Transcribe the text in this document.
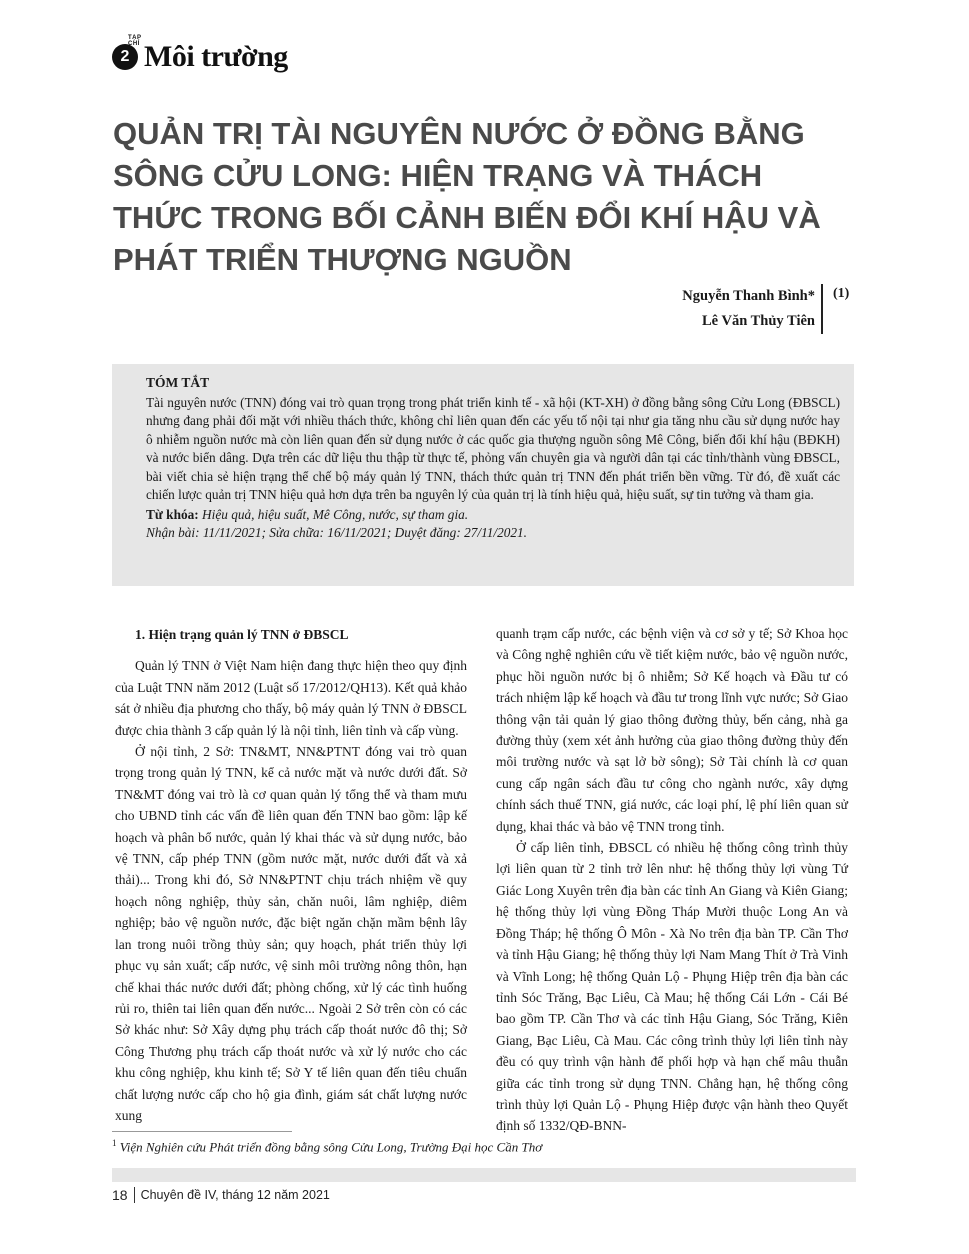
TẠP CHÍ
2 Môi trường
QUẢN TRỊ TÀI NGUYÊN NƯỚC Ở ĐỒNG BẰNG SÔNG CỬU LONG: HIỆN TRẠNG VÀ THÁCH THỨC TRONG BỐI CẢNH BIẾN ĐỔI KHÍ HẬU VÀ PHÁT TRIỂN THƯỢNG NGUỒN
Nguyễn Thanh Bình*
Lê Văn Thủy Tiên
(1)
TÓM TẮT

Tài nguyên nước (TNN) đóng vai trò quan trọng trong phát triển kinh tế - xã hội (KT-XH) ở đồng bằng sông Cửu Long (ĐBSCL) nhưng đang phải đối mặt với nhiều thách thức, không chỉ liên quan đến các yếu tố nội tại như gia tăng nhu cầu sử dụng nước hay ô nhiễm nguồn nước mà còn liên quan đến sử dụng nước ở các quốc gia thượng nguồn sông Mê Công, biến đổi khí hậu (BĐKH) và nước biển dâng. Dựa trên các dữ liệu thu thập từ thực tế, phỏng vấn chuyên gia và người dân tại các tỉnh/thành vùng ĐBSCL, bài viết chia sẻ hiện trạng thể chế bộ máy quản lý TNN, thách thức quản trị TNN đến phát triển bền vững. Từ đó, đề xuất các chiến lược quản trị TNN hiệu quả hơn dựa trên ba nguyên lý của quản trị là tính hiệu quả, hiệu suất, sự tin tưởng và tham gia.

Từ khóa: Hiệu quả, hiệu suất, Mê Công, nước, sự tham gia.

Nhận bài: 11/11/2021; Sửa chữa: 16/11/2021; Duyệt đăng: 27/11/2021.

1. Hiện trạng quản lý TNN ở ĐBSCL

Quản lý TNN ở Việt Nam hiện đang thực hiện theo quy định của Luật TNN năm 2012 (Luật số 17/2012/QH13). Kết quả khảo sát ở nhiều địa phương cho thấy, bộ máy quản lý TNN ở ĐBSCL được chia thành 3 cấp quản lý là nội tỉnh, liên tỉnh và cấp vùng.

Ở nội tỉnh, 2 Sở: TN&MT, NN&PTNT đóng vai trò quan trọng trong quản lý TNN, kể cả nước mặt và nước dưới đất. Sở TN&MT đóng vai trò là cơ quan quản lý tổng thể và tham mưu cho UBND tỉnh các vấn đề liên quan đến TNN bao gồm: lập kế hoạch và phân bổ nước, quản lý khai thác và sử dụng nước, bảo vệ TNN, cấp phép TNN (gồm nước mặt, nước dưới đất và xả thải)... Trong khi đó, Sở NN&PTNT chịu trách nhiệm về quy hoạch nông nghiệp, thủy sản, chăn nuôi, lâm nghiệp, diêm nghiệp; bảo vệ nguồn nước, đặc biệt ngăn chặn mầm bệnh lây lan trong nuôi trồng thủy sản; quy hoạch, phát triển thủy lợi phục vụ sản xuất; cấp nước, vệ sinh môi trường nông thôn, hạn chế khai thác nước dưới đất; phòng chống, xử lý các tình huống rủi ro, thiên tai liên quan đến nước... Ngoài 2 Sở trên còn có các Sở khác như: Sở Xây dựng phụ trách cấp thoát nước đô thị; Sở Công Thương phụ trách cấp thoát nước và xử lý nước cho các khu công nghiệp, khu kinh tế; Sở Y tế liên quan đến tiêu chuẩn chất lượng nước cấp cho hộ gia đình, giám sát chất lượng nước xung

quanh trạm cấp nước, các bệnh viện và cơ sở y tế; Sở Khoa học và Công nghệ nghiên cứu về tiết kiệm nước, bảo vệ nguồn nước, phục hồi nguồn nước bị ô nhiễm; Sở Kế hoạch và Đầu tư có trách nhiệm lập kế hoạch và đầu tư trong lĩnh vực nước; Sở Giao thông vận tải quản lý giao thông đường thủy, bến cảng, nhà ga đường thủy (xem xét ảnh hưởng của giao thông đường thủy đến môi trường nước và sạt lở bờ sông); Sở Tài chính là cơ quan cung cấp ngân sách đầu tư công cho ngành nước, xây dựng chính sách thuế TNN, giá nước, các loại phí, lệ phí liên quan sử dụng, khai thác và bảo vệ TNN trong tỉnh.

Ở cấp liên tỉnh, ĐBSCL có nhiều hệ thống công trình thủy lợi liên quan từ 2 tỉnh trở lên như: hệ thống thủy lợi vùng Tứ Giác Long Xuyên trên địa bàn các tỉnh An Giang và Kiên Giang; hệ thống thủy lợi vùng Đồng Tháp Mười thuộc Long An và Đồng Tháp; hệ thống Ô Môn - Xà No trên địa bàn TP. Cần Thơ và tỉnh Hậu Giang; hệ thống thủy lợi Nam Mang Thít ở Trà Vinh và Vĩnh Long; hệ thống Quản Lộ - Phụng Hiệp trên địa bàn các tỉnh Sóc Trăng, Bạc Liêu, Cà Mau; hệ thống Cái Lớn - Cái Bé bao gồm TP. Cần Thơ và các tỉnh Hậu Giang, Sóc Trăng, Kiên Giang, Bạc Liêu, Cà Mau. Các công trình thủy lợi liên tỉnh này đều có quy trình vận hành để phối hợp và hạn chế mâu thuẫn giữa các tỉnh trong sử dụng TNN. Chẳng hạn, hệ thống công trình thủy lợi Quản Lộ - Phụng Hiệp được vận hành theo Quyết định số 1332/QĐ-BNN-

$^1$ Viện Nghiên cứu Phát triển đồng bằng sông Cửu Long, Trường Đại học Cần Thơ
18	Chuyên đề IV, tháng 12 năm 2021
